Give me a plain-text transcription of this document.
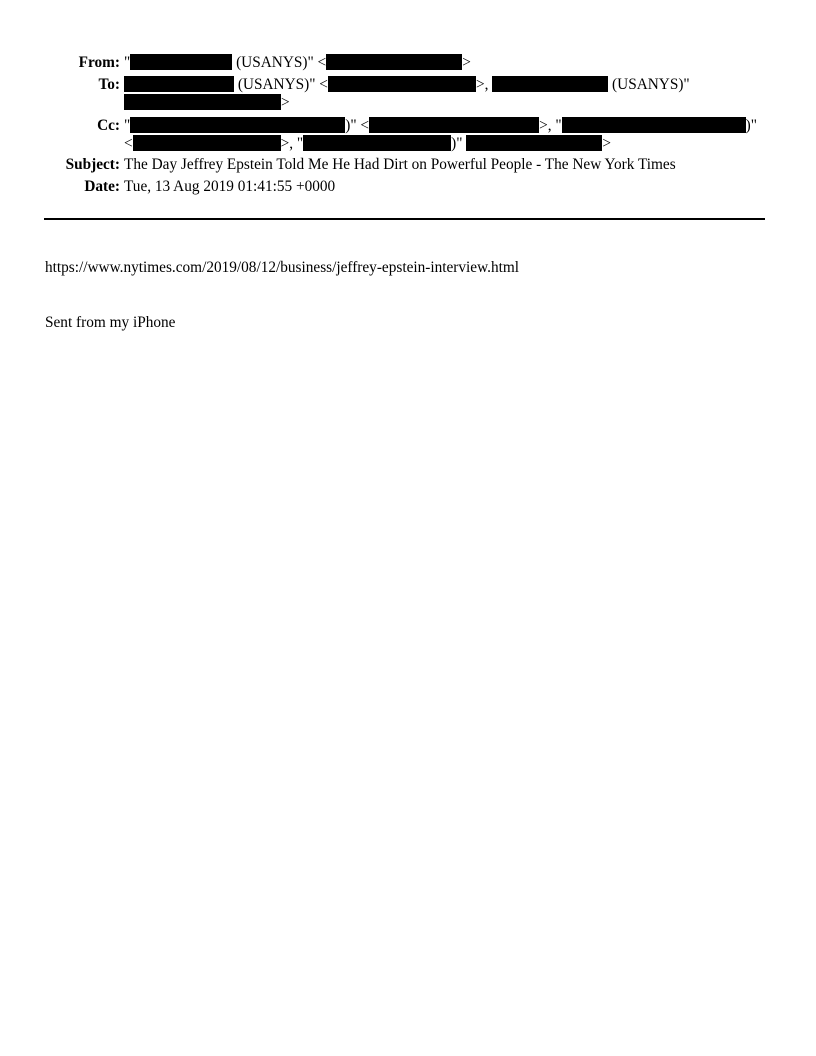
From: "	(USANYS)" <	>
To:	(USANYS)" <	>,	(USANYS)"
>
Cc: "	)" <	>, "	)"
<	>, "	)"	>
Subject: The Day Jeffrey Epstein Told Me He Had Dirt on Powerful People - The New York Times
Date: Tue, 13 Aug 2019 01:41:55 +0000
https://www.nytimes.com/2019/08/12/business/jeffrey-epstein-interview.html
Sent from my iPhone
